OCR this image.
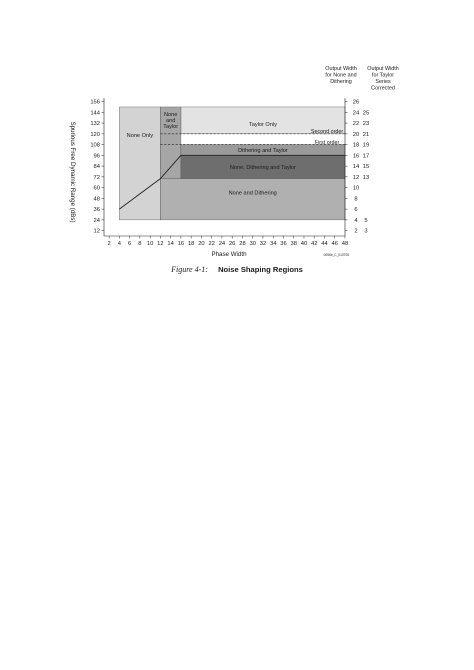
2 4 6 8 10 12 14 16 18 20 22 24 26 28 30 32 34 36 38 40 42 44 46 48
12
24
36
48
60
72
84
96
108
120
132
144
156
2
4
6
8
10
12
14
16
18
20
22
24
26
3
5
13
15
17
19
21
23
25
Second order
First order
Output Width
for None and
Dithering
Output Width
for Taylor
Series
Corrected
Taylor Only
None Only
None
and
Taylor
Dithering and Taylor
None, Dithering and Taylor
None and Dithering
Spurious Free Dynamic Range (dBs)
Phase Width	0056b_C_010705
Figure 4-1: Noise Shaping Regions
